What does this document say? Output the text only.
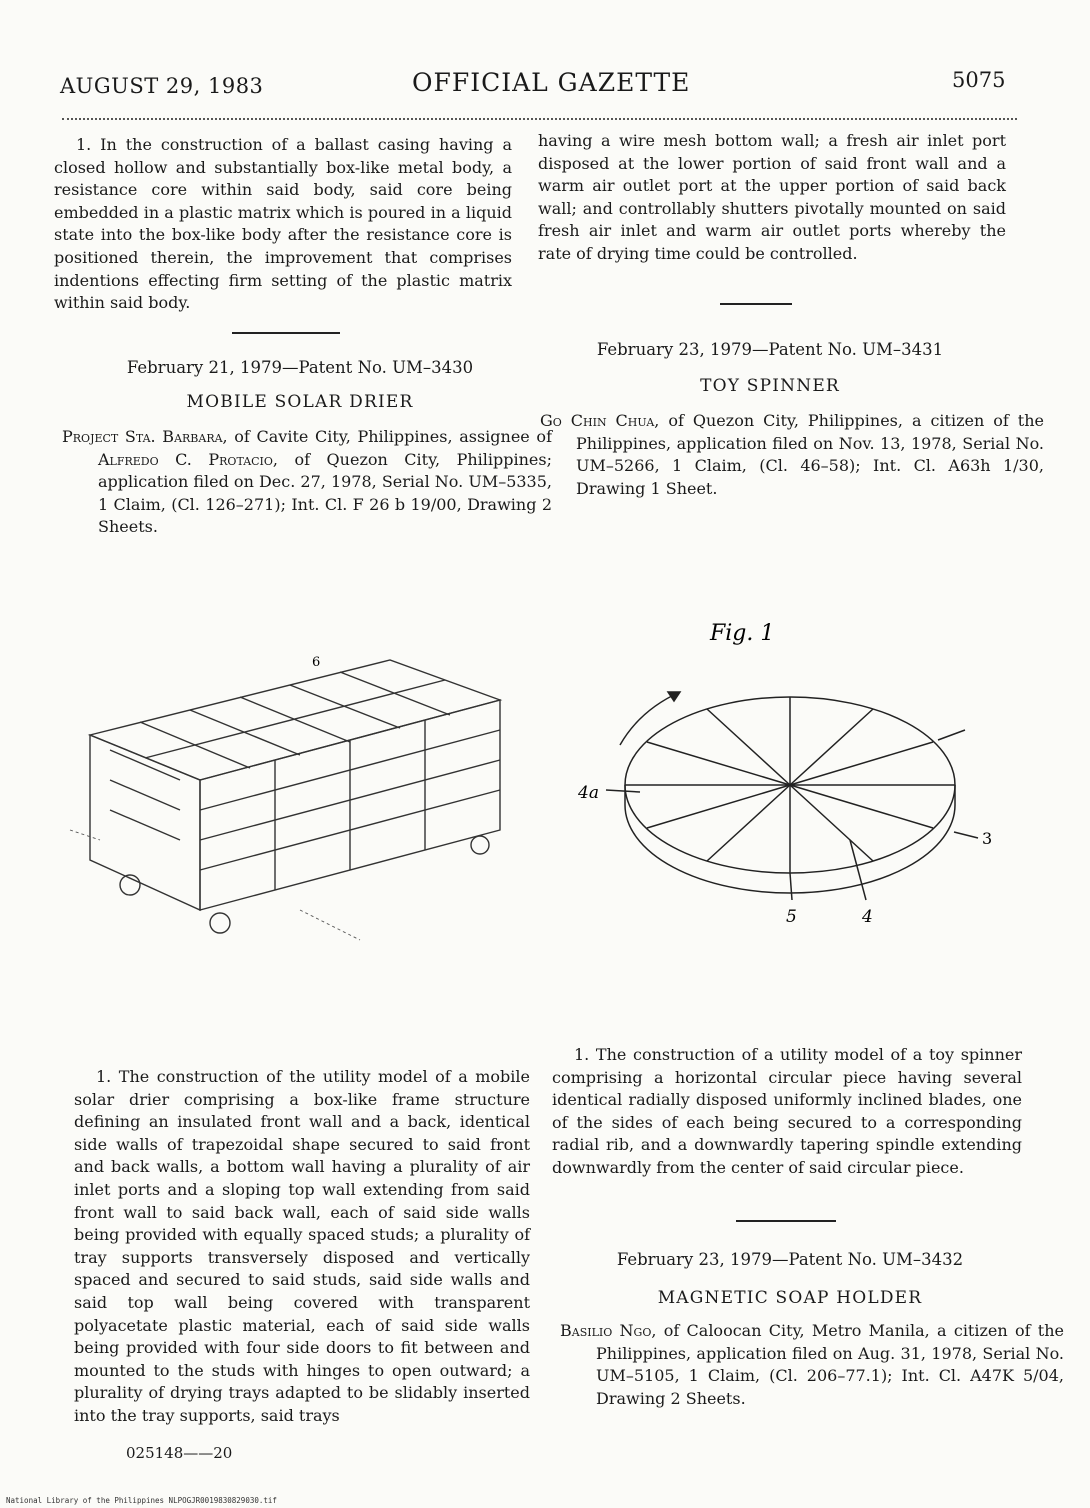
AUGUST 29, 1983	OFFICIAL GAZETTE	5075

1. In the construction of a ballast casing having a closed hollow and substantially box-like metal body, a resistance core within said body, said core being embedded in a plastic matrix which is poured in a liquid state into the box-like body after the resistance core is positioned therein, the improvement that comprises indentions effecting firm setting of the plastic matrix within said body.

February 21, 1979—Patent No. UM–3430
MOBILE SOLAR DRIER

Project Sta. Barbara, of Cavite City, Philippines, assignee of Alfredo C. Protacio, of Quezon City, Philippines; application filed on Dec. 27, 1978, Serial No. UM–5335, 1 Claim, (Cl. 126–271); Int. Cl. F 26 b 19/00, Drawing 2 Sheets.

6

1. The construction of the utility model of a mobile solar drier comprising a box-like frame structure defining an insulated front wall and a back, identical side walls of trapezoidal shape secured to said front and back walls, a bottom wall having a plurality of air inlet ports and a sloping top wall extending from said front wall to said back wall, each of said side walls being provided with equally spaced studs; a plurality of tray supports transversely disposed and vertically spaced and secured to said studs, said side walls and said top wall being covered with transparent polyacetate plastic material, each of said side walls being provided with four side doors to fit between and mounted to the studs with hinges to open outward; a plurality of drying trays adapted to be slidably inserted into the tray supports, said trays

025148——20

having a wire mesh bottom wall; a fresh air inlet port disposed at the lower portion of said front wall and a warm air outlet port at the upper portion of said back wall; and controllably shutters pivotally mounted on said fresh air inlet and warm air outlet ports whereby the rate of drying time could be controlled.

February 23, 1979—Patent No. UM–3431
TOY SPINNER

Go Chin Chua, of Quezon City, Philippines, a citizen of the Philippines, application filed on Nov. 13, 1978, Serial No. UM–5266, 1 Claim, (Cl. 46–58); Int. Cl. A63h 1/30, Drawing 1 Sheet.

Fig. 1
4a
3
5	4

1. The construction of a utility model of a toy spinner comprising a horizontal circular piece having several identical radially disposed uniformly inclined blades, one of the sides of each being secured to a corresponding radial rib, and a downwardly tapering spindle extending downwardly from the center of said circular piece.

February 23, 1979—Patent No. UM–3432
MAGNETIC SOAP HOLDER

Basilio Ngo, of Caloocan City, Metro Manila, a citizen of the Philippines, application filed on Aug. 31, 1978, Serial No. UM–5105, 1 Claim, (Cl. 206–77.1); Int. Cl. A47K 5/04, Drawing 2 Sheets.

National Library of the Philippines NLPOGJR0019830829030.tif
